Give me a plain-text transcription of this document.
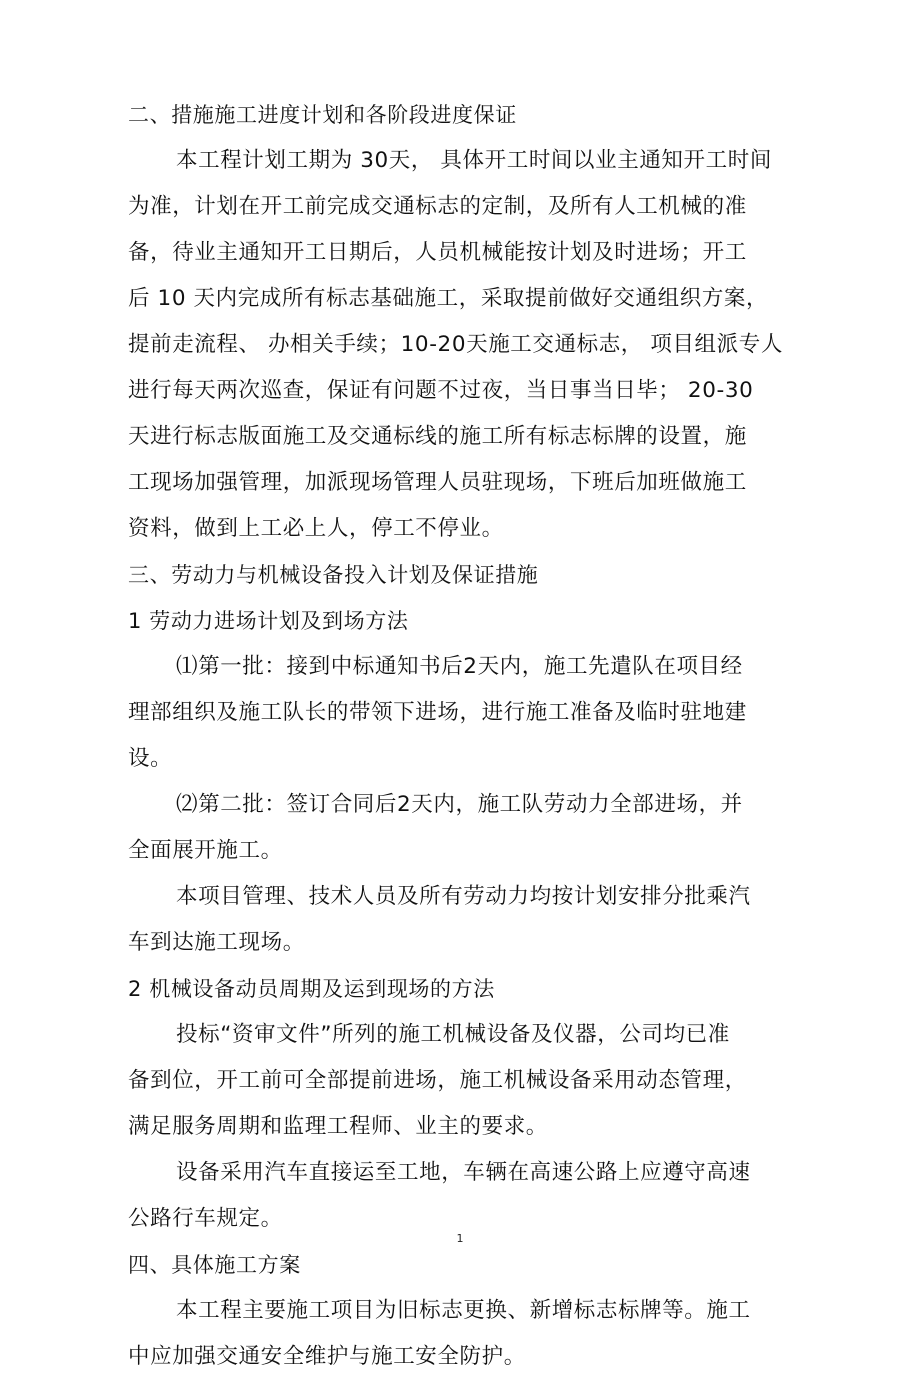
二、措施施工进度计划和各阶段进度保证
本工程计划工期为 30天， 具体开工时间以业主通知开工时间
为准，计划在开工前完成交通标志的定制，及所有人工机械的准
备，待业主通知开工日期后，人员机械能按计划及时进场；开工
后 10 天内完成所有标志基础施工，采取提前做好交通组织方案，
提前走流程、 办相关手续；10-20天施工交通标志， 项目组派专人
进行每天两次巡查，保证有问题不过夜，当日事当日毕； 20-30
天进行标志版面施工及交通标线的施工所有标志标牌的设置，施
工现场加强管理，加派现场管理人员驻现场，下班后加班做施工
资料，做到上工必上人，停工不停业。
三、劳动力与机械设备投入计划及保证措施
1 劳动力进场计划及到场方法
⑴第一批：接到中标通知书后2天内，施工先遣队在项目经
理部组织及施工队长的带领下进场，进行施工准备及临时驻地建
设。
⑵第二批：签订合同后2天内，施工队劳动力全部进场，并
全面展开施工。
本项目管理、技术人员及所有劳动力均按计划安排分批乘汽
车到达施工现场。
2 机械设备动员周期及运到现场的方法
投标“资审文件”所列的施工机械设备及仪器，公司均已准
备到位，开工前可全部提前进场，施工机械设备采用动态管理，
满足服务周期和监理工程师、业主的要求。
设备采用汽车直接运至工地，车辆在高速公路上应遵守高速
公路行车规定。
四、具体施工方案
本工程主要施工项目为旧标志更换、新增标志标牌等。施工
中应加强交通安全维护与施工安全防护。
1
